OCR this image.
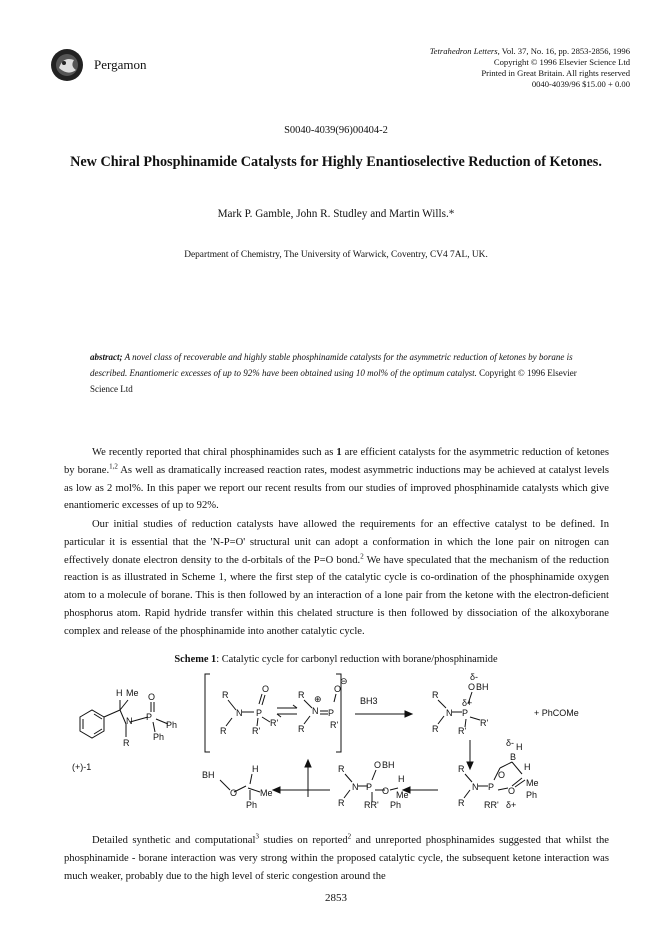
Pergamon
Tetrahedron Letters, Vol. 37, No. 16, pp. 2853-2856, 1996
Copyright © 1996 Elsevier Science Ltd
Printed in Great Britain. All rights reserved
0040-4039/96 $15.00 + 0.00
S0040-4039(96)00404-2
New Chiral Phosphinamide Catalysts for Highly Enantioselective Reduction of Ketones.
Mark P. Gamble, John R. Studley and Martin Wills.*
Department of Chemistry, The University of Warwick, Coventry, CV4 7AL, UK.
abstract; A novel class of recoverable and highly stable phosphinamide catalysts for the asymmetric reduction of ketones by borane is described. Enantiomeric excesses of up to 92% have been obtained using 10 mol% of the optimum catalyst. Copyright © 1996 Elsevier Science Ltd
We recently reported that chiral phosphinamides such as 1 are efficient catalysts for the asymmetric reduction of ketones by borane.$^{1,2}$ As well as dramatically increased reaction rates, modest asymmetric inductions may be achieved at catalyst levels as low as 2 mol%. In this paper we report our recent results from our studies of improved phosphinamide catalysts which give enantiomeric excesses of up to 92%.
Our initial studies of reduction catalysts have allowed the requirements for an effective catalyst to be defined. In particular it is essential that the 'N-P=O' structural unit can adopt a conformation in which the lone pair on nitrogen can effectively donate electron density to the d-orbitals of the P=O bond.$^2$ We have speculated that the mechanism of the reduction reaction is as illustrated in Scheme 1, where the first step of the catalytic cycle is co-ordination of the phosphinamide oxygen atom to a molecule of borane. This is then followed by an interaction of a lone pair from the ketone with the electron-deficient phosphorus atom. Rapid hydride transfer within this chelated structure is then followed by dissociation of the alkoxyborane complex and release of the phosphinamide into another catalytic cycle.
Scheme 1: Catalytic cycle for carbonyl reduction with borane/phosphinamide
H Me O
P
N	Ph
Ph
R
(+)-1
R
N
R
P
O
R'
R'
R
N
R
⊕
P
O
⊖
R'
BH3
R
N
R
P
O BH
δ-
δ+
R'
R'
+ PhCOMe
H
B
O
H
Me
Ph
R
N
R
P
O BH
O
H
Me
Ph
RR'
R
N
R
P
O
B
H
δ-
H
O
Me
Ph
RR' δ+
Detailed synthetic and computational$^3$ studies on reported$^2$ and unreported phosphinamides suggested that whilst the phosphinamide - borane interaction was very strong within the proposed catalytic cycle, the subsequent ketone interaction was much weaker, probably due to the high level of steric congestion around the
2853
